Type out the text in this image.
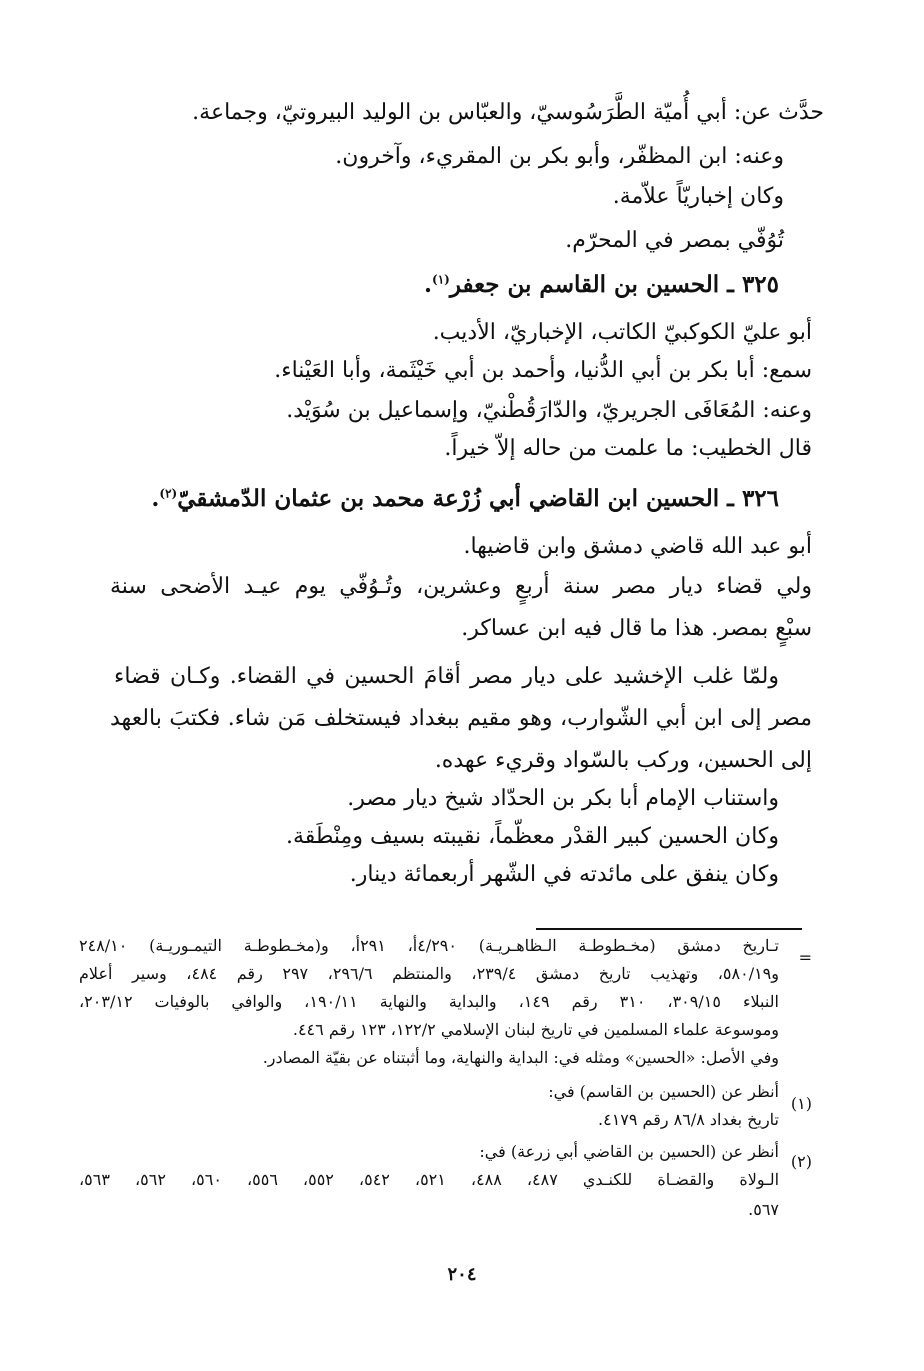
حدَّث عن: أبي أُميّة الطَّرَسُوسيّ، والعبّاس بن الوليد البيروتيّ، وجماعة.
وعنه: ابن المظفّر، وأبو بكر بن المقريء، وآخرون.
وكان إخباريّاً علاّمة.
تُوُفّي بمصر في المحرّم.
٣٢٥ ـ الحسين بن القاسم بن جعفر$^{(١)}$.
أبو عليّ الكوكبيّ الكاتب، الإخباريّ، الأديب.
سمع: أبا بكر بن أبي الدُّنيا، وأحمد بن أبي خَيْثَمة، وأبا العَيْناء.
وعنه: المُعَافَى الجريريّ، والدّارَقُطْنيّ، وإسماعيل بن سُوَيْد.
قال الخطيب: ما علمت من حاله إلاّ خيراً.
٣٢٦ ـ الحسين ابن القاضي أبي زُرْعة محمد بن عثمان الدّمشقيّ$^{(٢)}$.
أبو عبد الله قاضي دمشق وابن قاضيها.
ولي قضاء ديار مصر سنة أربعٍ وعشرين، وتُـوُفّي يوم عيـد الأضحى سنة
سبْعٍ بمصر. هذا ما قال فيه ابن عساكر.
ولمّا غلب الإخشيد على ديار مصر أقامَ الحسين في القضاء. وكـان قضاء
مصر إلى ابن أبي الشّوارب، وهو مقيم ببغداد فيستخلف مَن شاء. فكتبَ بالعهد
إلى الحسين، وركب بالسّواد وقريء عهده.
واستناب الإمام أبا بكر بن الحدّاد شيخ ديار مصر.
وكان الحسين كبير القدْر معظّماً، نقيبته بسيف ومِنْطَقة.
وكان ينفق على مائدته في الشّهر أربعمائة دينار.
=
تـاريخ دمشق (مخـطوطـة الـظاهـريـة) ٤/٢٩٠أ، ٢٩١أ، و(مخـطوطـة التيمـوريـة) ٢٤٨/١٠
و٥٨٠/١٩، وتهذيب تاريخ دمشق ٢٣٩/٤، والمنتظم ٢٩٦/٦، ٢٩٧ رقم ٤٨٤، وسير أعلام
النبلاء ٣٠٩/١٥، ٣١٠ رقم ١٤٩، والبداية والنهاية ١٩٠/١١، والوافي بالوفيات ٢٠٣/١٢،
وموسوعة علماء المسلمين في تاريخ لبنان الإسلامي ١٢٢/٢، ١٢٣ رقم ٤٤٦.
وفي الأصل: «الحسين» ومثله في: البداية والنهاية، وما أثبتناه عن بقيّة المصادر.
(١)
أنظر عن (الحسين بن القاسم) في:
تاريخ بغداد ٨٦/٨ رقم ٤١٧٩.
(٢)
أنظر عن (الحسين بن القاضي أبي زرعة) في:
الـولاة والقضـاة للكنـدي ٤٨٧، ٤٨٨، ٥٢١، ٥٤٢، ٥٥٢، ٥٥٦، ٥٦٠، ٥٦٢، ٥٦٣،
٥٦٧.
٢٠٤
